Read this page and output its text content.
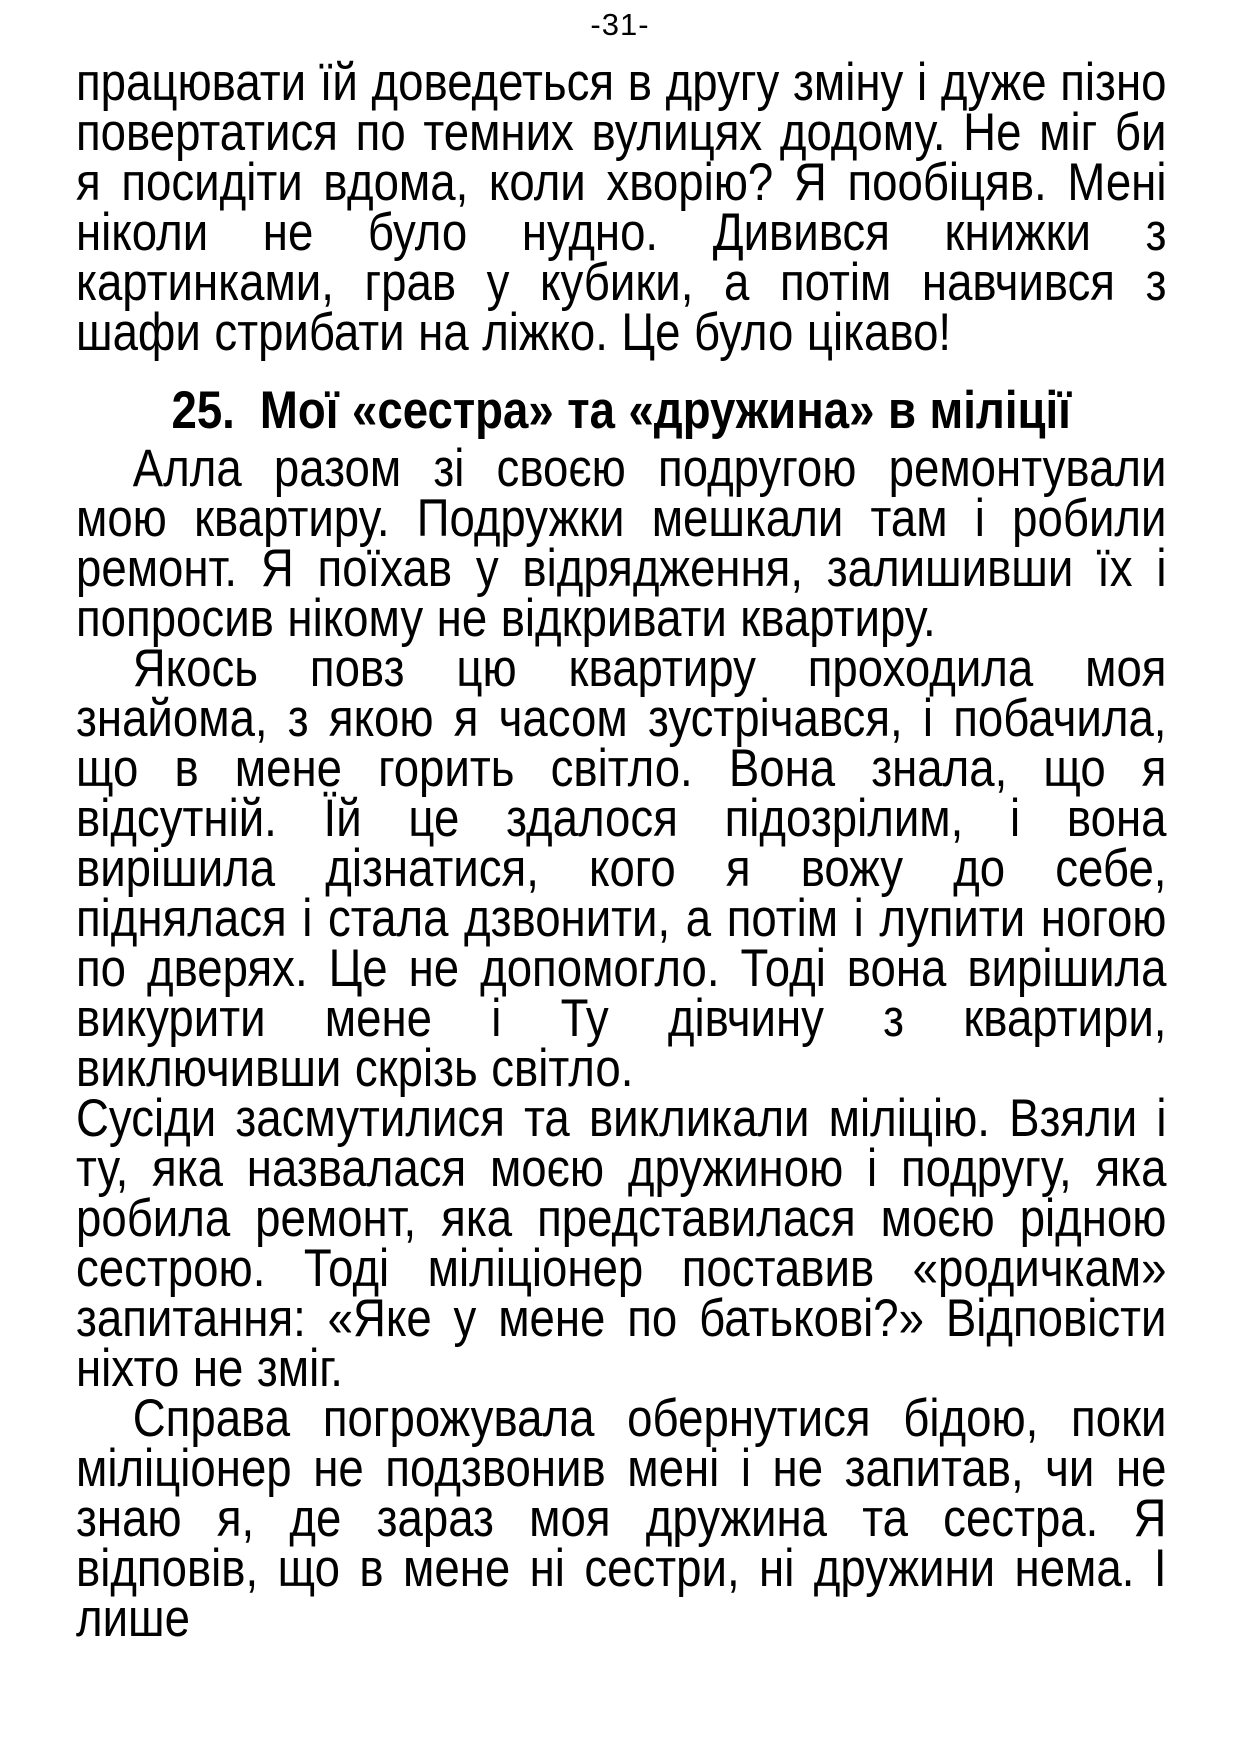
-31-

працювати їй доведеться в другу зміну і дуже пізно повертатися по темних вулицях додому. Не міг би я посидіти вдома, коли хворію? Я пообіцяв. Мені ніколи не було нудно. Дивився книжки з картинками, грав у кубики, а потім навчився з шафи стрибати на ліжко. Це було цікаво!

25. Мої «сестра» та «дружина» в міліції

Алла разом зі своєю подругою ремонтували мою квартиру. Подружки мешкали там і робили ремонт. Я поїхав у відрядження, залишивши їх і попросив нікому не відкривати квартиру.

Якось повз цю квартиру проходила моя знайома, з якою я часом зустрічався, і побачила, що в мене горить світло. Вона знала, що я відсутній. Їй це здалося підозрілим, і вона вирішила дізнатися, кого я вожу до себе, піднялася і стала дзвонити, а потім і лупити ногою по дверях. Це не допомогло. Тоді вона вирішила викурити мене і Ту дівчину з квартири, виключивши скрізь світло.

Сусіди засмутилися та викликали міліцію. Взяли і ту, яка назвалася моєю дружиною і подругу, яка робила ремонт, яка представилася моєю рідною сестрою. Тоді міліціонер поставив «родичкам» запитання: «Яке у мене по батькові?» Відповісти ніхто не зміг.

Справа погрожувала обернутися бідою, поки міліціонер не подзвонив мені і не запитав, чи не знаю я, де зараз моя дружина та сестра. Я відповів, що в мене ні сестри, ні дружини нема. І лише
